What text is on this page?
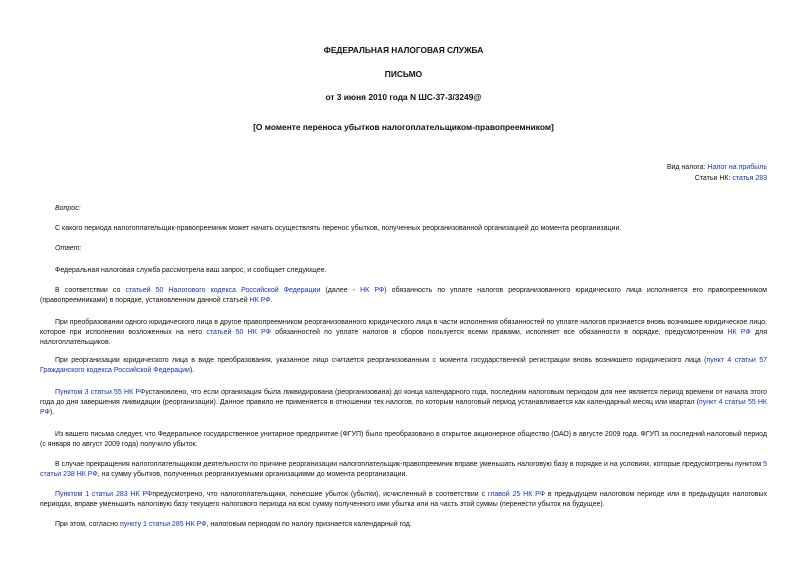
ФЕДЕРАЛЬНАЯ НАЛОГОВАЯ СЛУЖБА
ПИСЬМО
от 3 июня 2010 года N ШС-37-3/3249@
[О моменте переноса убытков налогоплательщиком-правопреемником]
Вид налога: Налог на прибыль
Статьи НК: статья 283
Вопрос:
С какого периода налогоплательщик-правопреемник может начать осуществлять перенос убытков, полученных реорганизованной организацией до момента реорганизации.
Ответ:
Федеральная налоговая служба рассмотрела ваш запрос, и сообщает следующее.
В соответствии со статьей 50 Налогового кодекса Российской Федерации (далее - НК РФ) обязанность по уплате налогов реорганизованного юридического лица исполняется его правопреемником (правопреемниками) в порядке, установленном данной статьей НК РФ.
При преобразовании одного юридического лица в другое правопреемником реорганизованного юридического лица в части исполнения обязанностей по уплате налогов признается вновь возникшее юридическое лицо, которое при исполнении возложенных на него статьей 50 НК РФ обязанностей по уплате налогов и сборов пользуется всеми правами, исполняет все обязанности в порядке, предусмотренном НК РФ для налогоплательщиков.
При реорганизации юридического лица в виде преобразования, указанное лицо считается реорганизованным с момента государственной регистрации вновь возникшего юридического лица (пункт 4 статьи 57 Гражданского кодекса Российской Федерации).
Пунктом 3 статьи 55 НК РФустановлено, что если организация была ликвидирована (реорганизована) до конца календарного года, последним налоговым периодом для нее является период времени от начала этого года до дня завершения ликвидации (реорганизации). Данное правило не применяется в отношении тех налогов, по которым налоговый период устанавливается как календарный месяц или квартал (пункт 4 статьи 55 НК РФ).
Из вашего письма следует, что Федеральное государственное унитарное предприятие (ФГУП) было преобразовано в открытое акционерное общество (ОАО) в августе 2009 года. ФГУП за последний налоговый период (с января по август 2009 года) получило убыток.
В случае прекращения налогоплательщиком деятельности по причине реорганизации налогоплательщик-правопреемник вправе уменьшать налоговую базу в порядке и на условиях, которые предусмотрены пунктом 5 статьи 238 НК РФ, на сумму убытков, полученных реорганизуемыми организациями до момента реорганизации.
Пунктом 1 статьи 283 НК РФпредусмотрено, что налогоплательщики, понесшие убыток (убытки), исчисленный в соответствии с главой 25 НК РФ в предыдущем налоговом периоде или в предыдущих налоговых периодах, вправе уменьшить налоговую базу текущего налогового периода на всю сумму полученного ими убытка или на часть этой суммы (перенести убыток на будущее).
При этом, согласно пункту 1 статьи 285 НК РФ, налоговым периодом по налогу признается календарный год.
